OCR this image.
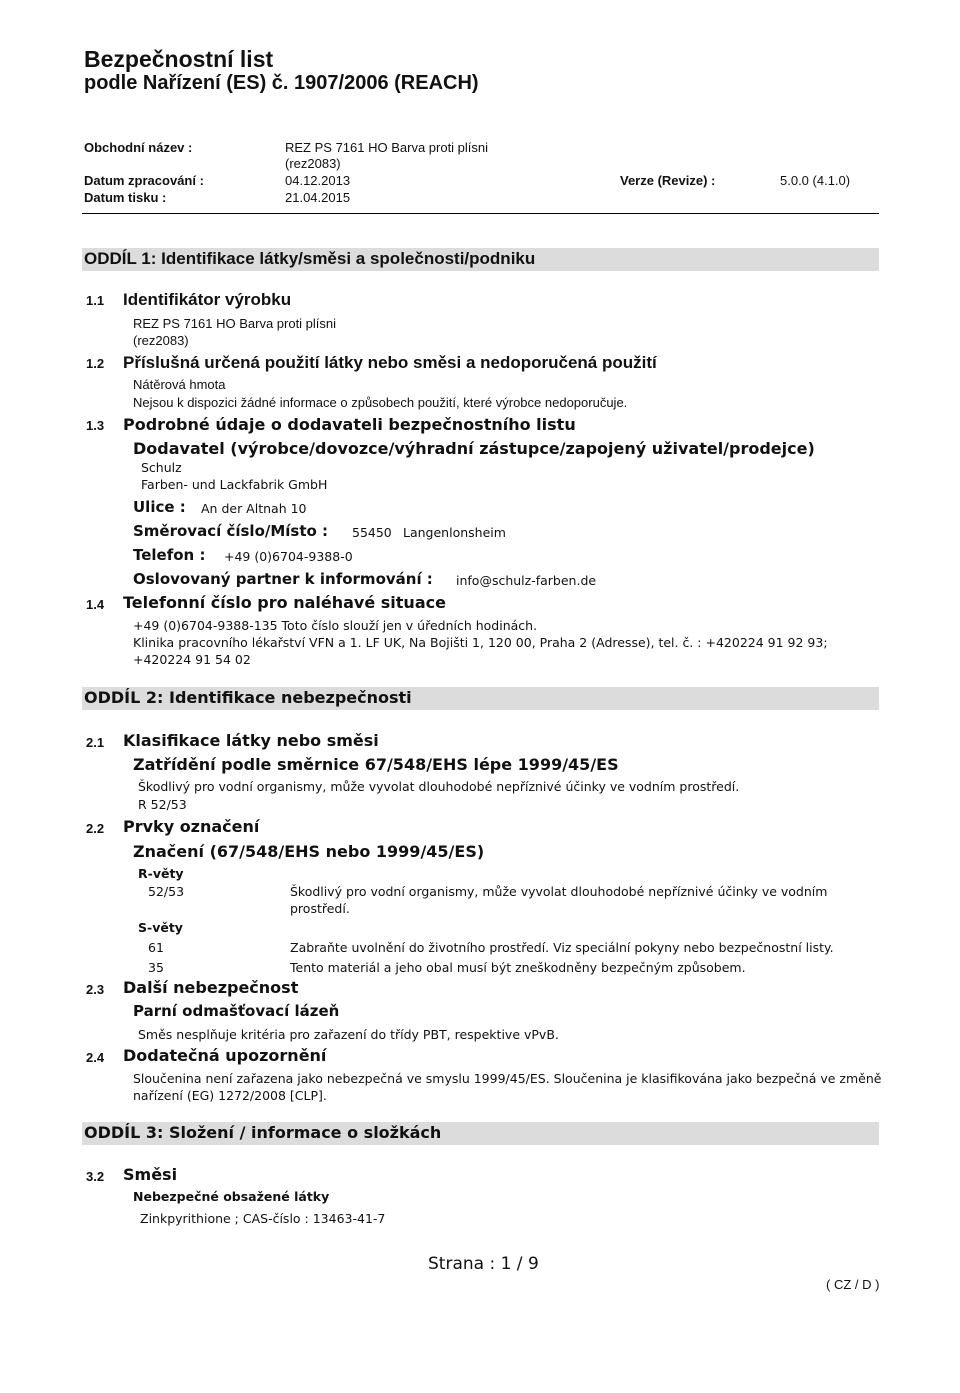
Bezpečnostní list
podle Nařízení (ES) č. 1907/2006 (REACH)
Obchodní název :	REZ PS 7161 HO Barva proti plísni
(rez2083)
Datum zpracování :	04.12.2013	Verze (Revize) :	5.0.0 (4.1.0)
Datum tisku :	21.04.2015
ODDÍL 1: Identifikace látky/směsi a společnosti/podniku
1.1 Identifikátor výrobku
REZ PS 7161 HO Barva proti plísni
(rez2083)
1.2 Příslušná určená použití látky nebo směsi a nedoporučená použití
Nátěrová hmota
Nejsou k dispozici žádné informace o způsobech použití, které výrobce nedoporučuje.
1.3 Podrobné údaje o dodavateli bezpečnostního listu
Dodavatel (výrobce/dovozce/výhradní zástupce/zapojený uživatel/prodejce)
Schulz
Farben- und Lackfabrik GmbH
Ulice : An der Altnah 10
Směrovací číslo/Místo : 55450 Langenlonsheim
Telefon : +49 (0)6704-9388-0
Oslovovaný partner k informování : info@schulz-farben.de
1.4 Telefonní číslo pro naléhavé situace
+49 (0)6704-9388-135 Toto číslo slouží jen v úředních hodinách.
Klinika pracovního lékařství VFN a 1. LF UK, Na Bojišti 1, 120 00, Praha 2 (Adresse), tel. č. : +420224 91 92 93;
+420224 91 54 02
ODDÍL 2: Identifikace nebezpečnosti
2.1 Klasifikace látky nebo směsi
Zatřídění podle směrnice 67/548/EHS lépe 1999/45/ES
Škodlivý pro vodní organismy, může vyvolat dlouhodobé nepříznivé účinky ve vodním prostředí.
R 52/53
2.2 Prvky označení
Značení (67/548/EHS nebo 1999/45/ES)
R-věty
52/53	Škodlivý pro vodní organismy, může vyvolat dlouhodobé nepříznivé účinky ve vodním
prostředí.
S-věty
61	Zabraňte uvolnění do životního prostředí. Viz speciální pokyny nebo bezpečnostní listy.
35	Tento materiál a jeho obal musí být zneškodněny bezpečným způsobem.
2.3 Další nebezpečnost
Parní odmašťovací lázeň
Směs nesplňuje kritéria pro zařazení do třídy PBT, respektive vPvB.
2.4 Dodatečná upozornění
Sloučenina není zařazena jako nebezpečná ve smyslu 1999/45/ES. Sloučenina je klasifikována jako bezpečná ve změně
nařízení (EG) 1272/2008 [CLP].
ODDÍL 3: Složení / informace o složkách
3.2 Směsi
Nebezpečné obsažené látky
Zinkpyrithione ; CAS-číslo : 13463-41-7
Strana : 1 / 9
( CZ / D )
